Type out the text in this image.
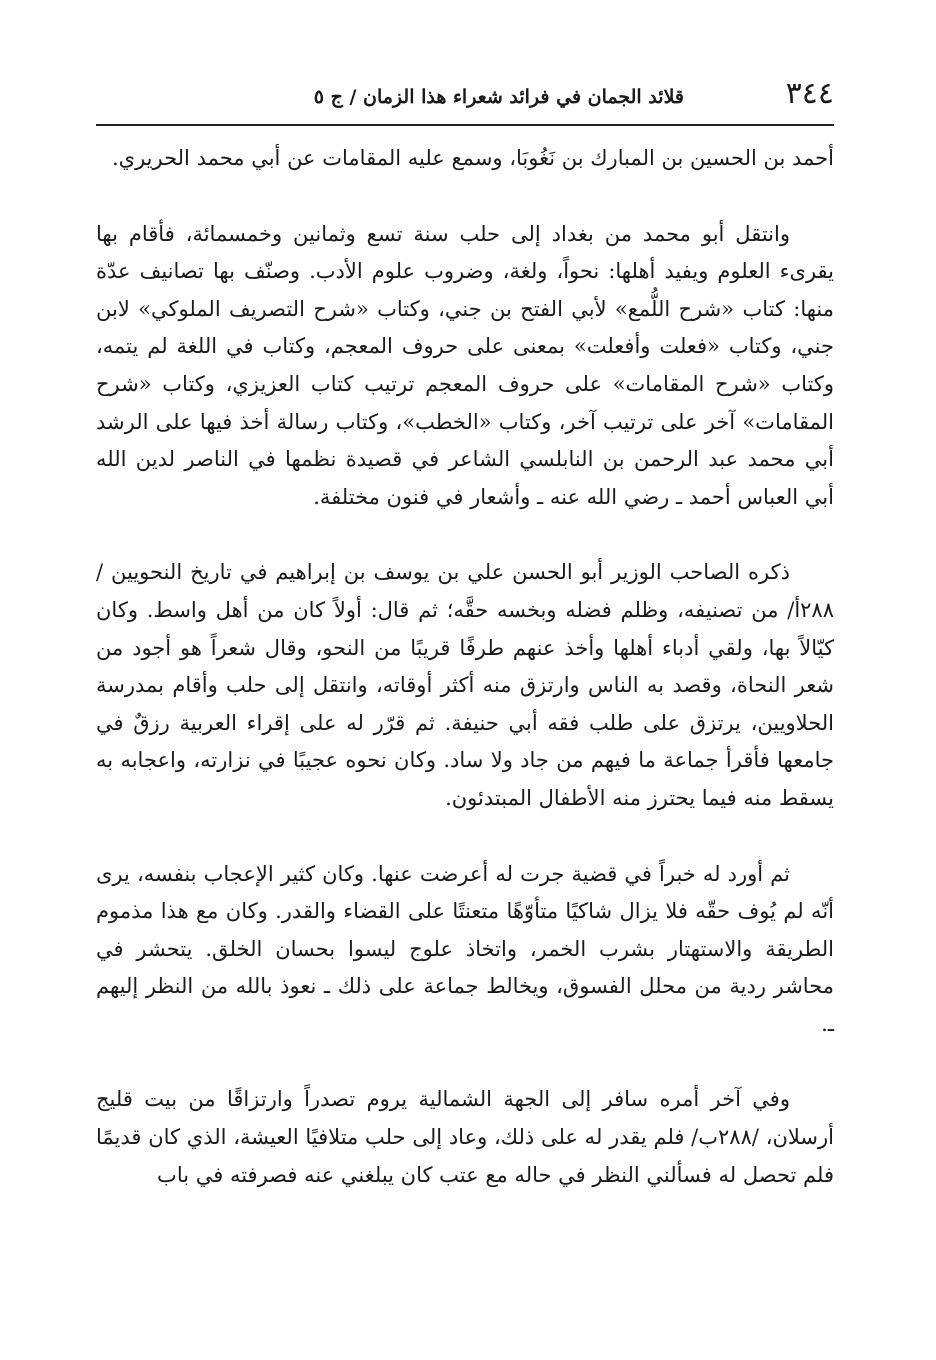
٣٤٤
قلائد الجمان في فرائد شعراء هذا الزمان / ج ٥

أحمد بن الحسين بن المبارك بن نَغُوبَا، وسمع عليه المقامات عن أبي محمد الحريري.

وانتقل أبو محمد من بغداد إلى حلب سنة تسع وثمانين وخمسمائة، فأقام بها يقرىء العلوم ويفيد أهلها: نحواً، ولغة، وضروب علوم الأدب. وصنّف بها تصانيف عدّة منها: كتاب «شرح اللُّمع» لأبي الفتح بن جني، وكتاب «شرح التصريف الملوكي» لابن جني، وكتاب «فعلت وأفعلت» بمعنى على حروف المعجم، وكتاب في اللغة لم يتمه، وكتاب «شرح المقامات» على حروف المعجم ترتيب كتاب العزيزي، وكتاب «شرح المقامات» آخر على ترتيب آخر، وكتاب «الخطب»، وكتاب رسالة أخذ فيها على الرشد أبي محمد عبد الرحمن بن النابلسي الشاعر في قصيدة نظمها في الناصر لدين الله أبي العباس أحمد ـ رضي الله عنه ـ وأشعار في فنون مختلفة.

ذكره الصاحب الوزير أبو الحسن علي بن يوسف بن إبراهيم في تاريخ النحويين /٢٨٨أ/ من تصنيفه، وظلم فضله وبخسه حقَّه؛ ثم قال: أولاً كان من أهل واسط. وكان كيّالاً بها، ولقي أدباء أهلها وأخذ عنهم طرفًا قريبًا من النحو، وقال شعراً هو أجود من شعر النحاة، وقصد به الناس وارتزق منه أكثر أوقاته، وانتقل إلى حلب وأقام بمدرسة الحلاويين، يرتزق على طلب فقه أبي حنيفة. ثم قرّر له على إقراء العربية رزقٌ في جامعها فأقرأ جماعة ما فيهم من جاد ولا ساد. وكان نحوه عجيبًا في نزارته، واعجابه به يسقط منه فيما يحترز منه الأطفال المبتدئون.

ثم أورد له خبراً في قضية جرت له أعرضت عنها. وكان كثير الإعجاب بنفسه، يرى أنّه لم يُوف حقّه فلا يزال شاكيًا متأوّهًا متعنتًا على القضاء والقدر. وكان مع هذا مذموم الطريقة والاستهتار بشرب الخمر، واتخاذ علوج ليسوا بحسان الخلق. يتحشر في محاشر ردية من محلل الفسوق، ويخالط جماعة على ذلك ـ نعوذ بالله من النظر إليهم ـ.

وفي آخر أمره سافر إلى الجهة الشمالية يروم تصدراً وارتزاقًا من بيت قليج أرسلان، /٢٨٨ب/ فلم يقدر له على ذلك، وعاد إلى حلب متلافيًا العيشة، الذي كان قديمًا فلم تحصل له فسألني النظر في حاله مع عتب كان يبلغني عنه فصرفته في باب
